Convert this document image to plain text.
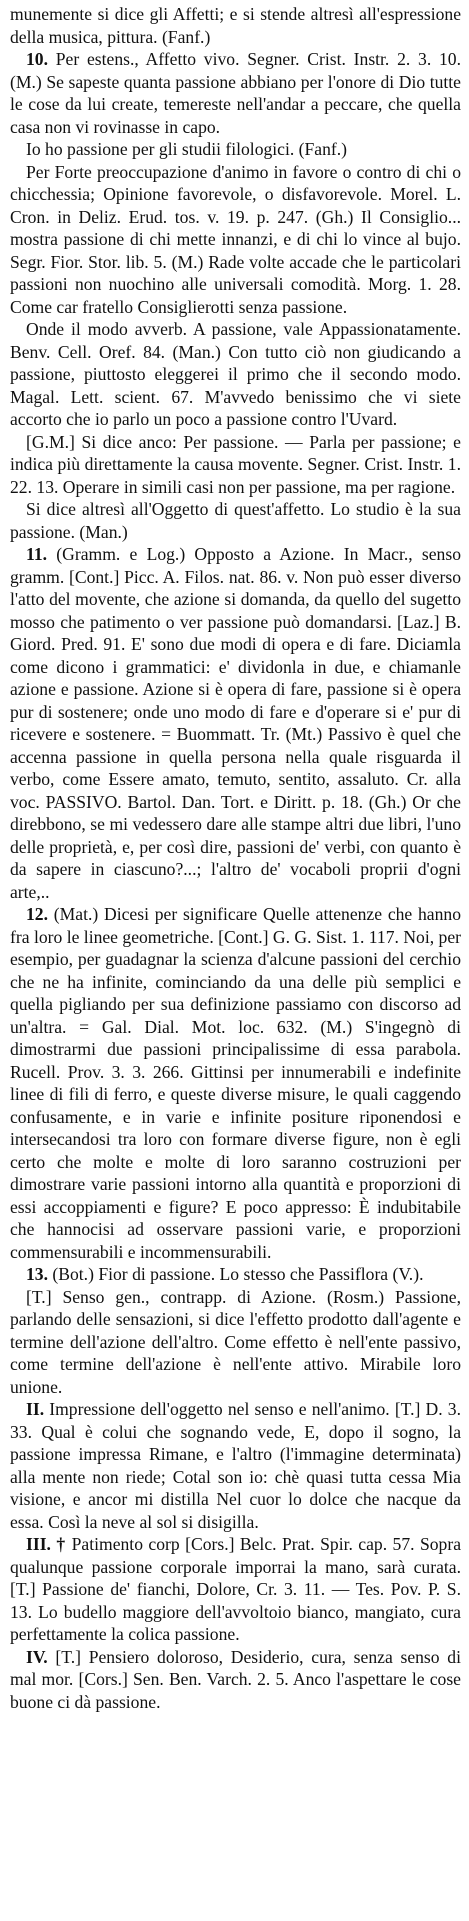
munemente si dice gli Affetti; e si stende altresì all'espressione della musica, pittura. (Fanf.)

10. Per estens., Affetto vivo. Segner. Crist. Instr. 2. 3. 10. (M.) Se sapeste quanta passione abbiano per l'onore di Dio tutte le cose da lui create, temereste nell'andar a peccare, che quella casa non vi rovinasse in capo.

Io ho passione per gli studii filologici. (Fanf.)

Per Forte preoccupazione d'animo in favore o contro di chi o chicchessia; Opinione favorevole, o disfavorevole. Morel. L. Cron. in Deliz. Erud. tos. v. 19. p. 247. (Gh.) Il Consiglio... mostra passione di chi mette innanzi, e di chi lo vince al bujo. Segr. Fior. Stor. lib. 5. (M.) Rade volte accade che le particolari passioni non nuochino alle universali comodità. Morg. 1. 28. Come car fratello Consiglierotti senza passione.

Onde il modo avverb. A passione, vale Appassionatamente. Benv. Cell. Oref. 84. (Man.) Con tutto ciò non giudicando a passione, piuttosto eleggerei il primo che il secondo modo. Magal. Lett. scient. 67. M'avvedo benissimo che vi siete accorto che io parlo un poco a passione contro l'Uvard.

[G.M.] Si dice anco: Per passione. — Parla per passione; e indica più direttamente la causa movente. Segner. Crist. Instr. 1. 22. 13. Operare in simili casi non per passione, ma per ragione.

Si dice altresì all'Oggetto di quest'affetto. Lo studio è la sua passione. (Man.)

11. (Gramm. e Log.) Opposto a Azione. In Macr., senso gramm. [Cont.] Picc. A. Filos. nat. 86. v. Non può esser diverso l'atto del movente, che azione si domanda, da quello del sugetto mosso che patimento o ver passione può domandarsi. [Laz.] B. Giord. Pred. 91. E' sono due modi di opera e di fare. Diciamla come dicono i grammatici: e' dividonla in due, e chiamanle azione e passione. Azione si è opera di fare, passione si è opera pur di sostenere; onde uno modo di fare e d'operare si e' pur di ricevere e sostenere. = Buommatt. Tr. (Mt.) Passivo è quel che accenna passione in quella persona nella quale risguarda il verbo, come Essere amato, temuto, sentito, assaluto. Cr. alla voc. PASSIVO. Bartol. Dan. Tort. e Diritt. p. 18. (Gh.) Or che direbbono, se mi vedessero dare alle stampe altri due libri, l'uno delle proprietà, e, per così dire, passioni de' verbi, con quanto è da sapere in ciascuno?...; l'altro de' vocaboli proprii d'ogni arte,..

12. (Mat.) Dicesi per significare Quelle attenenze che hanno fra loro le linee geometriche. [Cont.] G. G. Sist. 1. 117. Noi, per esempio, per guadagnar la scienza d'alcune passioni del cerchio che ne ha infinite, cominciando da una delle più semplici e quella pigliando per sua definizione passiamo con discorso ad un'altra. = Gal. Dial. Mot. loc. 632. (M.) S'ingegnò di dimostrarmi due passioni principalissime di essa parabola. Rucell. Prov. 3. 3. 266. Gittinsi per innumerabili e indefinite linee di fili di ferro, e queste diverse misure, le quali caggendo confusamente, e in varie e infinite positure riponendosi e intersecandosi tra loro con formare diverse figure, non è egli certo che molte e molte di loro saranno costruzioni per dimostrare varie passioni intorno alla quantità e proporzioni di essi accoppiamenti e figure? E poco appresso: È indubitabile che hannocisi ad osservare passioni varie, e proporzioni commensurabili e incommensurabili.

13. (Bot.) Fior di passione. Lo stesso che Passiflora (V.).

[T.] Senso gen., contrapp. di Azione. (Rosm.) Passione, parlando delle sensazioni, si dice l'effetto prodotto dall'agente e termine dell'azione dell'altro. Come effetto è nell'ente passivo, come termine dell'azione è nell'ente attivo. Mirabile loro unione.

II. Impressione dell'oggetto nel senso e nell'animo. [T.] D. 3. 33. Qual è colui che sognando vede, E, dopo il sogno, la passione impressa Rimane, e l'altro (l'immagine determinata) alla mente non riede; Cotal son io: chè quasi tutta cessa Mia visione, e ancor mi distilla Nel cuor lo dolce che nacque da essa. Così la neve al sol si disigilla.

III. † Patimento corp [Cors.] Belc. Prat. Spir. cap. 57. Sopra qualunque passione corporale imporrai la mano, sarà curata. [T.] Passione de' fianchi, Dolore, Cr. 3. 11. — Tes. Pov. P. S. 13. Lo budello maggiore dell'avvoltoio bianco, mangiato, cura perfettamente la colica passione.

IV. [T.] Pensiero doloroso, Desiderio, cura, senza senso di mal mor. [Cors.] Sen. Ben. Varch. 2. 5. Anco l'aspettare le cose buone ci dà passione.
